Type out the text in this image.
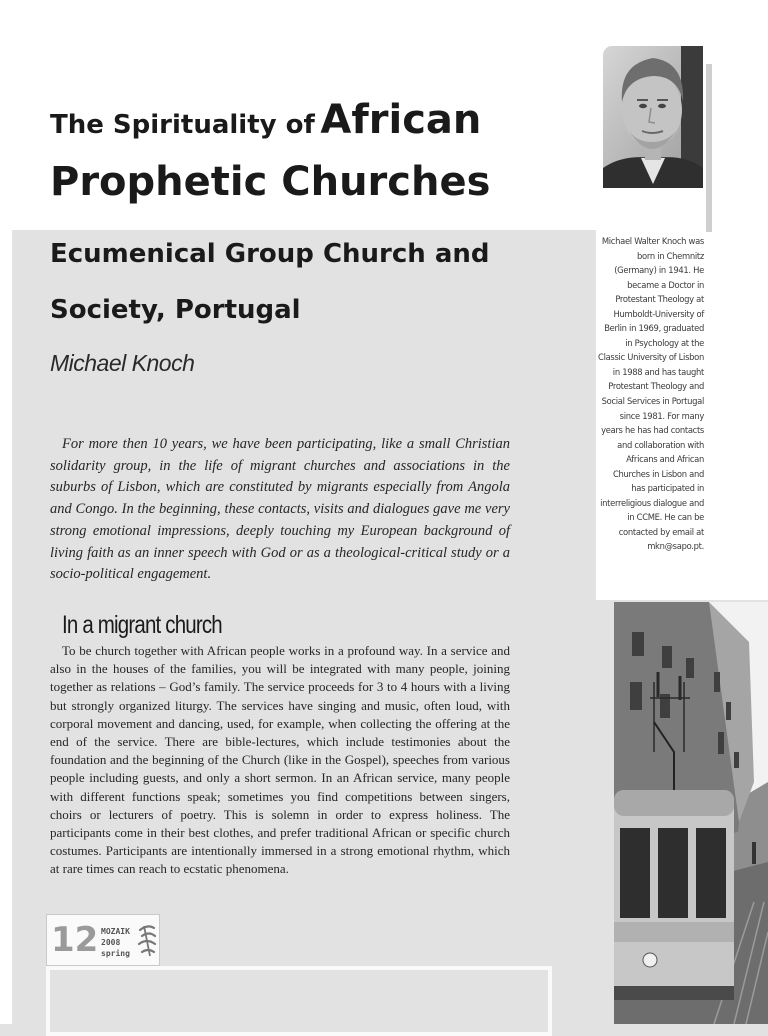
The Spirituality of African
Prophetic Churches
Ecumenical Group Church and Society, Portugal
Michael Knoch
For more then 10 years, we have been participating, like a small Christian solidarity group, in the life of migrant churches and associations in the suburbs of Lisbon, which are constituted by migrants especially from Angola and Congo. In the beginning, these contacts, visits and dialogues gave me very strong emotional impressions, deeply touching my European background of living faith as an inner speech with God or as a theological-critical study or a socio-political engagement.
In a migrant church
To be church together with African people works in a profound way. In a service and also in the houses of the families, you will be integrated with many people, joining together as relations – God’s family. The service proceeds for 3 to 4 hours with a living but strongly organized liturgy. The services have singing and music, often loud, with corporal movement and dancing, used, for example, when collecting the offering at the end of the service. There are bible-lectures, which include testimonies about the foundation and the beginning of the Church (like in the Gospel), speeches from various people including guests, and only a short sermon. In an African service, many people with different functions speak; sometimes you find competitions between singers, choirs or lecturers of poetry. This is solemn in order to express holiness. The participants come in their best clothes, and prefer traditional African or specific church costumes. Participants are intentionally immersed in a strong emotional rhythm, which at rare times can reach to ecstatic phenomena.
Michael Walter Knoch was born in Chemnitz (Germany) in 1941. He became a Doctor in Protestant Theology at Humboldt-University of Berlin in 1969, graduated in Psychology at the Classic University of Lisbon in 1988 and has taught Protestant Theology and Social Services in Portugal since 1981. For many years he has had contacts and collaboration with Africans and African Churches in Lisbon and has participated in interreligious dialogue and in CCME. He can be contacted by email at mkn@sapo.pt.
12 MOZAIK
2008
spring
